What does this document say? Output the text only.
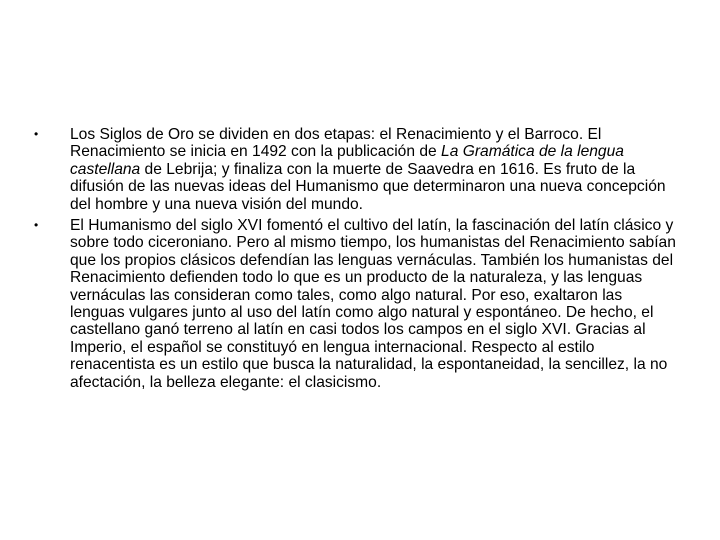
•	Los Siglos de Oro se dividen en dos etapas: el Renacimiento y el Barroco. El Renacimiento se inicia en 1492 con la publicación de La Gramática de la lengua castellana de Lebrija; y finaliza con la muerte de Saavedra en 1616. Es fruto de la difusión de las nuevas ideas del Humanismo que determinaron una nueva concepción del hombre y una nueva visión del mundo.
•	El Humanismo del siglo XVI fomentó el cultivo del latín, la fascinación del latín clásico y sobre todo ciceroniano. Pero al mismo tiempo, los humanistas del Renacimiento sabían que los propios clásicos defendían las lenguas vernáculas. También los humanistas del Renacimiento defienden todo lo que es un producto de la naturaleza, y las lenguas vernáculas las consideran como tales, como algo natural. Por eso, exaltaron las lenguas vulgares junto al uso del latín como algo natural y espontáneo. De hecho, el castellano ganó terreno al latín en casi todos los campos en el siglo XVI. Gracias al Imperio, el español se constituyó en lengua internacional. Respecto al estilo renacentista es un estilo que busca la naturalidad, la espontaneidad, la sencillez, la no afectación, la belleza elegante: el clasicismo.
